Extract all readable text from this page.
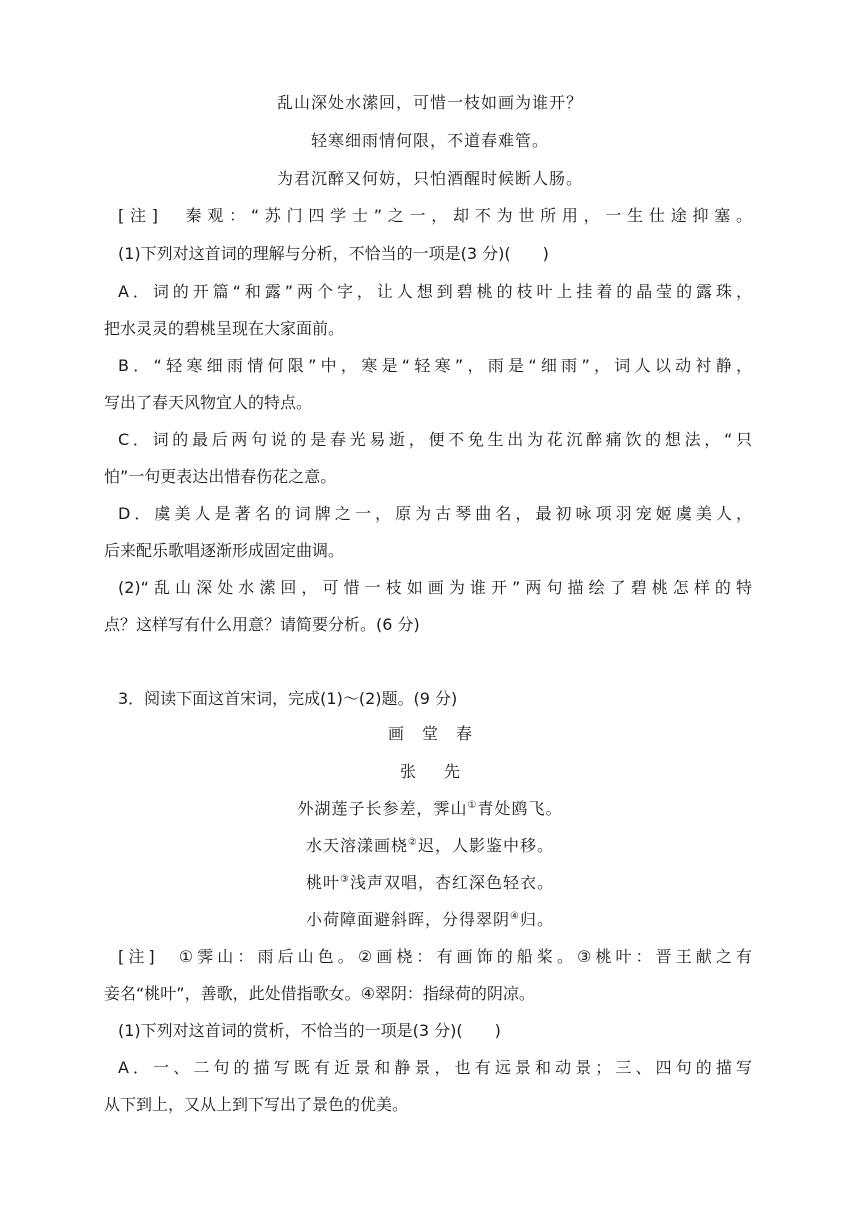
乱山深处水潆回，可惜一枝如画为谁开？
轻寒细雨情何限，不道春难管。
为君沉醉又何妨，只怕酒醒时候断人肠。
[注]　秦观：“苏门四学士”之一，却不为世所用，一生仕途抑塞。
(1)下列对这首词的理解与分析，不恰当的一项是(3 分)(　　)
A．词的开篇“和露”两个字，让人想到碧桃的枝叶上挂着的晶莹的露珠，
把水灵灵的碧桃呈现在大家面前。
B．“轻寒细雨情何限”中，寒是“轻寒”，雨是“细雨”，词人以动衬静，
写出了春天风物宜人的特点。
C．词的最后两句说的是春光易逝，便不免生出为花沉醉痛饮的想法，“只
怕”一句更表达出惜春伤花之意。
D．虞美人是著名的词牌之一，原为古琴曲名，最初咏项羽宠姬虞美人，
后来配乐歌唱逐渐形成固定曲调。
(2)“乱山深处水潆回，可惜一枝如画为谁开”两句描绘了碧桃怎样的特
点？这样写有什么用意？请简要分析。(6 分)
3．阅读下面这首宋词，完成(1)～(2)题。(9 分)
画堂春
张先
外湖莲子长参差，霁山①青处鸥飞。
水天溶漾画桡②迟，人影鉴中移。
桃叶③浅声双唱，杏红深色轻衣。
小荷障面避斜晖，分得翠阴④归。
[注]　①霁山：雨后山色。②画桡：有画饰的船桨。③桃叶：晋王献之有
妾名“桃叶”，善歌，此处借指歌女。④翠阴：指绿荷的阴凉。
(1)下列对这首词的赏析，不恰当的一项是(3 分)(　　)
A．一、二句的描写既有近景和静景，也有远景和动景；三、四句的描写
从下到上，又从上到下写出了景色的优美。
